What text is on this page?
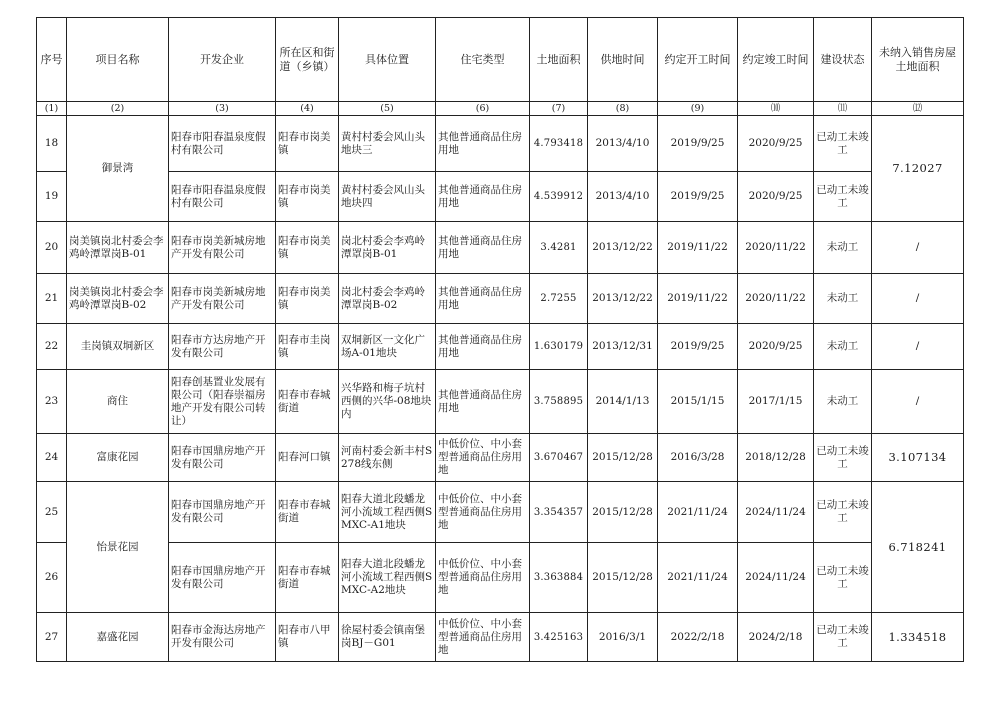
序号	项目名称	开发企业	所在区和街道（乡镇）	具体位置	住宅类型	土地面积	供地时间	约定开工时间	约定竣工时间	建设状态	未纳入销售房屋土地面积
(1)	(2)	(3)	(4)	(5)	(6)	(7)	(8)	(9)	⑽	⑾	⑿
18	御景湾	阳春市阳春温泉度假村有限公司	阳春市岗美镇	黄村村委会风山头地块三	其他普通商品住房用地	4.793418	2013/4/10	2019/9/25	2020/9/25	已动工未竣工	7.12027
19		阳春市阳春温泉度假村有限公司	阳春市岗美镇	黄村村委会风山头地块四	其他普通商品住房用地	4.539912	2013/4/10	2019/9/25	2020/9/25	已动工未竣工	
20	岗美镇岗北村委会李鸡岭潭罩岗B-01	阳春市岗美新城房地产开发有限公司	阳春市岗美镇	岗北村委会李鸡岭潭罩岗B-01	其他普通商品住房用地	3.4281	2013/12/22	2019/11/22	2020/11/22	未动工	/
21	岗美镇岗北村委会李鸡岭潭罩岗B-02	阳春市岗美新城房地产开发有限公司	阳春市岗美镇	岗北村委会李鸡岭潭罩岗B-02	其他普通商品住房用地	2.7255	2013/12/22	2019/11/22	2020/11/22	未动工	/
22	圭岗镇双垌新区	阳春市方达房地产开发有限公司	阳春市圭岗镇	双垌新区一文化广场A-01地块	其他普通商品住房用地	1.630179	2013/12/31	2019/9/25	2020/9/25	未动工	/
23	商住	阳春创基置业发展有限公司（阳春崇福房地产开发有限公司转让）	阳春市春城街道	兴华路和梅子坑村西侧的兴华-08地块内	其他普通商品住房用地	3.758895	2014/1/13	2015/1/15	2017/1/15	未动工	/
24	富康花园	阳春市国鼎房地产开发有限公司	阳春河口镇	河南村委会新丰村S278线东侧	中低价位、中小套型普通商品住房用地	3.670467	2015/12/28	2016/3/28	2018/12/28	已动工未竣工	3.107134
25	怡景花园	阳春市国鼎房地产开发有限公司	阳春市春城街道	阳春大道北段蟠龙河小流域工程西侧SMXC-A1地块	中低价位、中小套型普通商品住房用地	3.354357	2015/12/28	2021/11/24	2024/11/24	已动工未竣工	6.718241
26		阳春市国鼎房地产开发有限公司	阳春市春城街道	阳春大道北段蟠龙河小流域工程西侧SMXC-A2地块	中低价位、中小套型普通商品住房用地	3.363884	2015/12/28	2021/11/24	2024/11/24	已动工未竣工	
27	嘉盛花园	阳春市金海达房地产开发有限公司	阳春市八甲镇	徐屋村委会镇南堡岗BJ－G01	中低价位、中小套型普通商品住房用地	3.425163	2016/3/1	2022/2/18	2024/2/18	已动工未竣工	1.334518
